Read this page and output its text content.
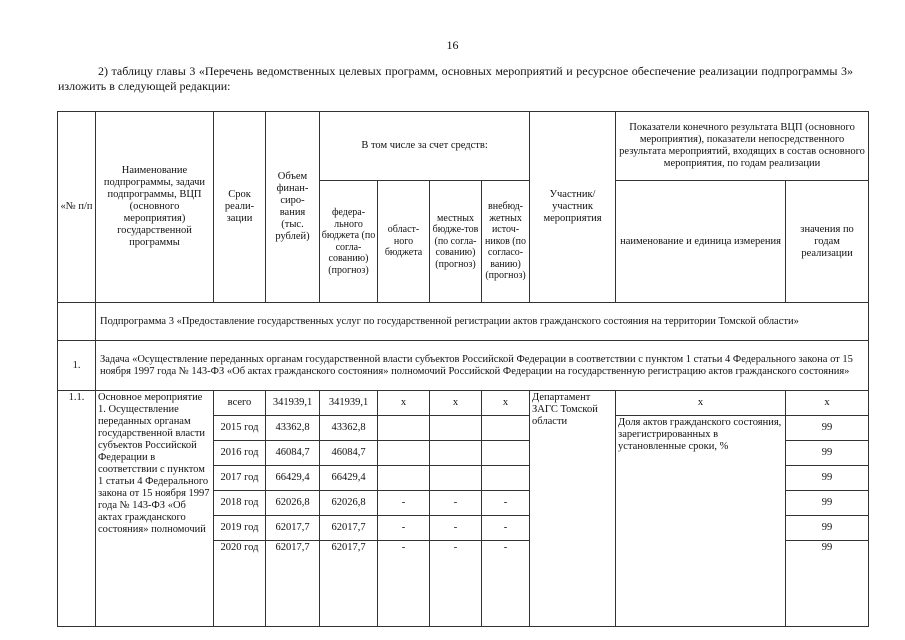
16
2) таблицу главы 3 «Перечень ведомственных целевых программ, основных мероприятий и ресурсное обеспечение реализации подпрограммы 3» изложить в следующей редакции:
«№ п/п	Наименование подпрограммы, задачи подпрограммы, ВЦП (основного мероприятия) государственной программы	Срок реали-зации	Объем финан-сиро-вания (тыс. рублей)	В том числе за счет средств:				Участник/ участник мероприятия	Показатели конечного результата ВЦП (основного мероприятия), показатели непосредственного результата мероприятий, входящих в состав основного мероприятия, по годам реализации	
				федера-льного бюджета (по согла-сованию) (прогноз)	област-ного бюджета	местных бюдже-тов (по согла-сованию) (прогноз)	внебюд-жетных источ-ников (по согласо-ванию) (прогноз)		наименование и единица измерения	значения по годам реализации
	Подпрограмма 3 «Предоставление государственных услуг по государственной регистрации актов гражданского состояния на территории Томской области»									
1.	Задача «Осуществление переданных органам государственной власти субъектов Российской Федерации в соответствии с пунктом 1 статьи 4 Федерального закона от 15 ноября 1997 года № 143-ФЗ «Об актах гражданского состояния» полномочий Российской Федерации на государственную регистрацию актов гражданского состояния»									
1.1.	Основное мероприятие 1. Осуществление переданных органам государственной власти субъектов Российской Федерации в соответствии с пунктом 1 статьи 4 Федерального закона от 15 ноября 1997 года № 143-ФЗ «Об актах гражданского состояния» полномочий	всего	341939,1	341939,1	х	х	х	Департамент ЗАГС Томской области	х	х
		2015 год	43362,8	43362,8					Доля актов гражданского состояния, зарегистрированных в установленные сроки, %	99
		2016 год	46084,7	46084,7						99
		2017 год	66429,4	66429,4						99
		2018 год	62026,8	62026,8	-	-	-			99
		2019 год	62017,7	62017,7	-	-	-			99
		2020 год	62017,7	62017,7	-	-	-			99
